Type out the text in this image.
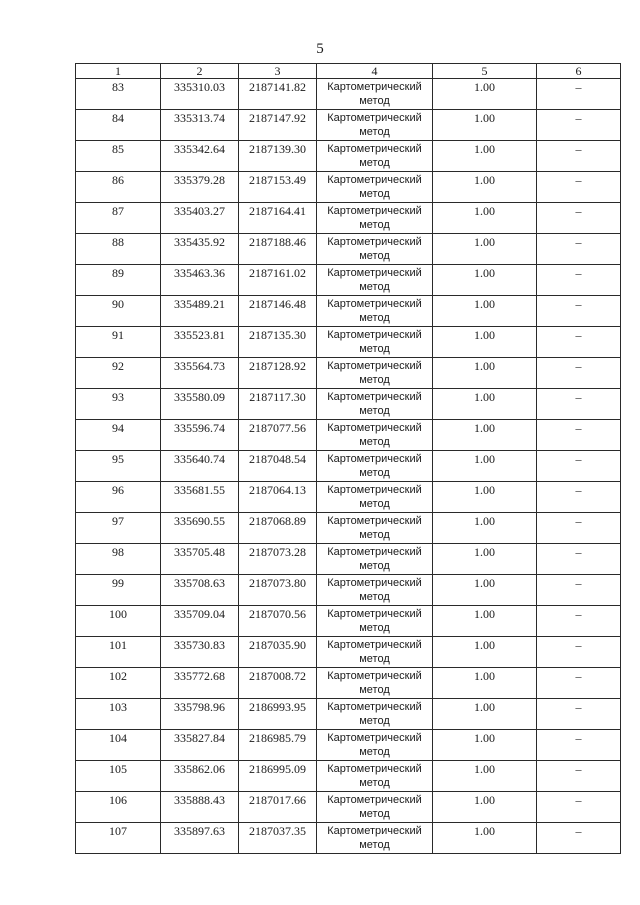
5
1	2	3	4	5	6
83	335310.03	2187141.82	Картометрический метод	1.00	–
84	335313.74	2187147.92	Картометрический метод	1.00	–
85	335342.64	2187139.30	Картометрический метод	1.00	–
86	335379.28	2187153.49	Картометрический метод	1.00	–
87	335403.27	2187164.41	Картометрический метод	1.00	–
88	335435.92	2187188.46	Картометрический метод	1.00	–
89	335463.36	2187161.02	Картометрический метод	1.00	–
90	335489.21	2187146.48	Картометрический метод	1.00	–
91	335523.81	2187135.30	Картометрический метод	1.00	–
92	335564.73	2187128.92	Картометрический метод	1.00	–
93	335580.09	2187117.30	Картометрический метод	1.00	–
94	335596.74	2187077.56	Картометрический метод	1.00	–
95	335640.74	2187048.54	Картометрический метод	1.00	–
96	335681.55	2187064.13	Картометрический метод	1.00	–
97	335690.55	2187068.89	Картометрический метод	1.00	–
98	335705.48	2187073.28	Картометрический метод	1.00	–
99	335708.63	2187073.80	Картометрический метод	1.00	–
100	335709.04	2187070.56	Картометрический метод	1.00	–
101	335730.83	2187035.90	Картометрический метод	1.00	–
102	335772.68	2187008.72	Картометрический метод	1.00	–
103	335798.96	2186993.95	Картометрический метод	1.00	–
104	335827.84	2186985.79	Картометрический метод	1.00	–
105	335862.06	2186995.09	Картометрический метод	1.00	–
106	335888.43	2187017.66	Картометрический метод	1.00	–
107	335897.63	2187037.35	Картометрический метод	1.00	–
